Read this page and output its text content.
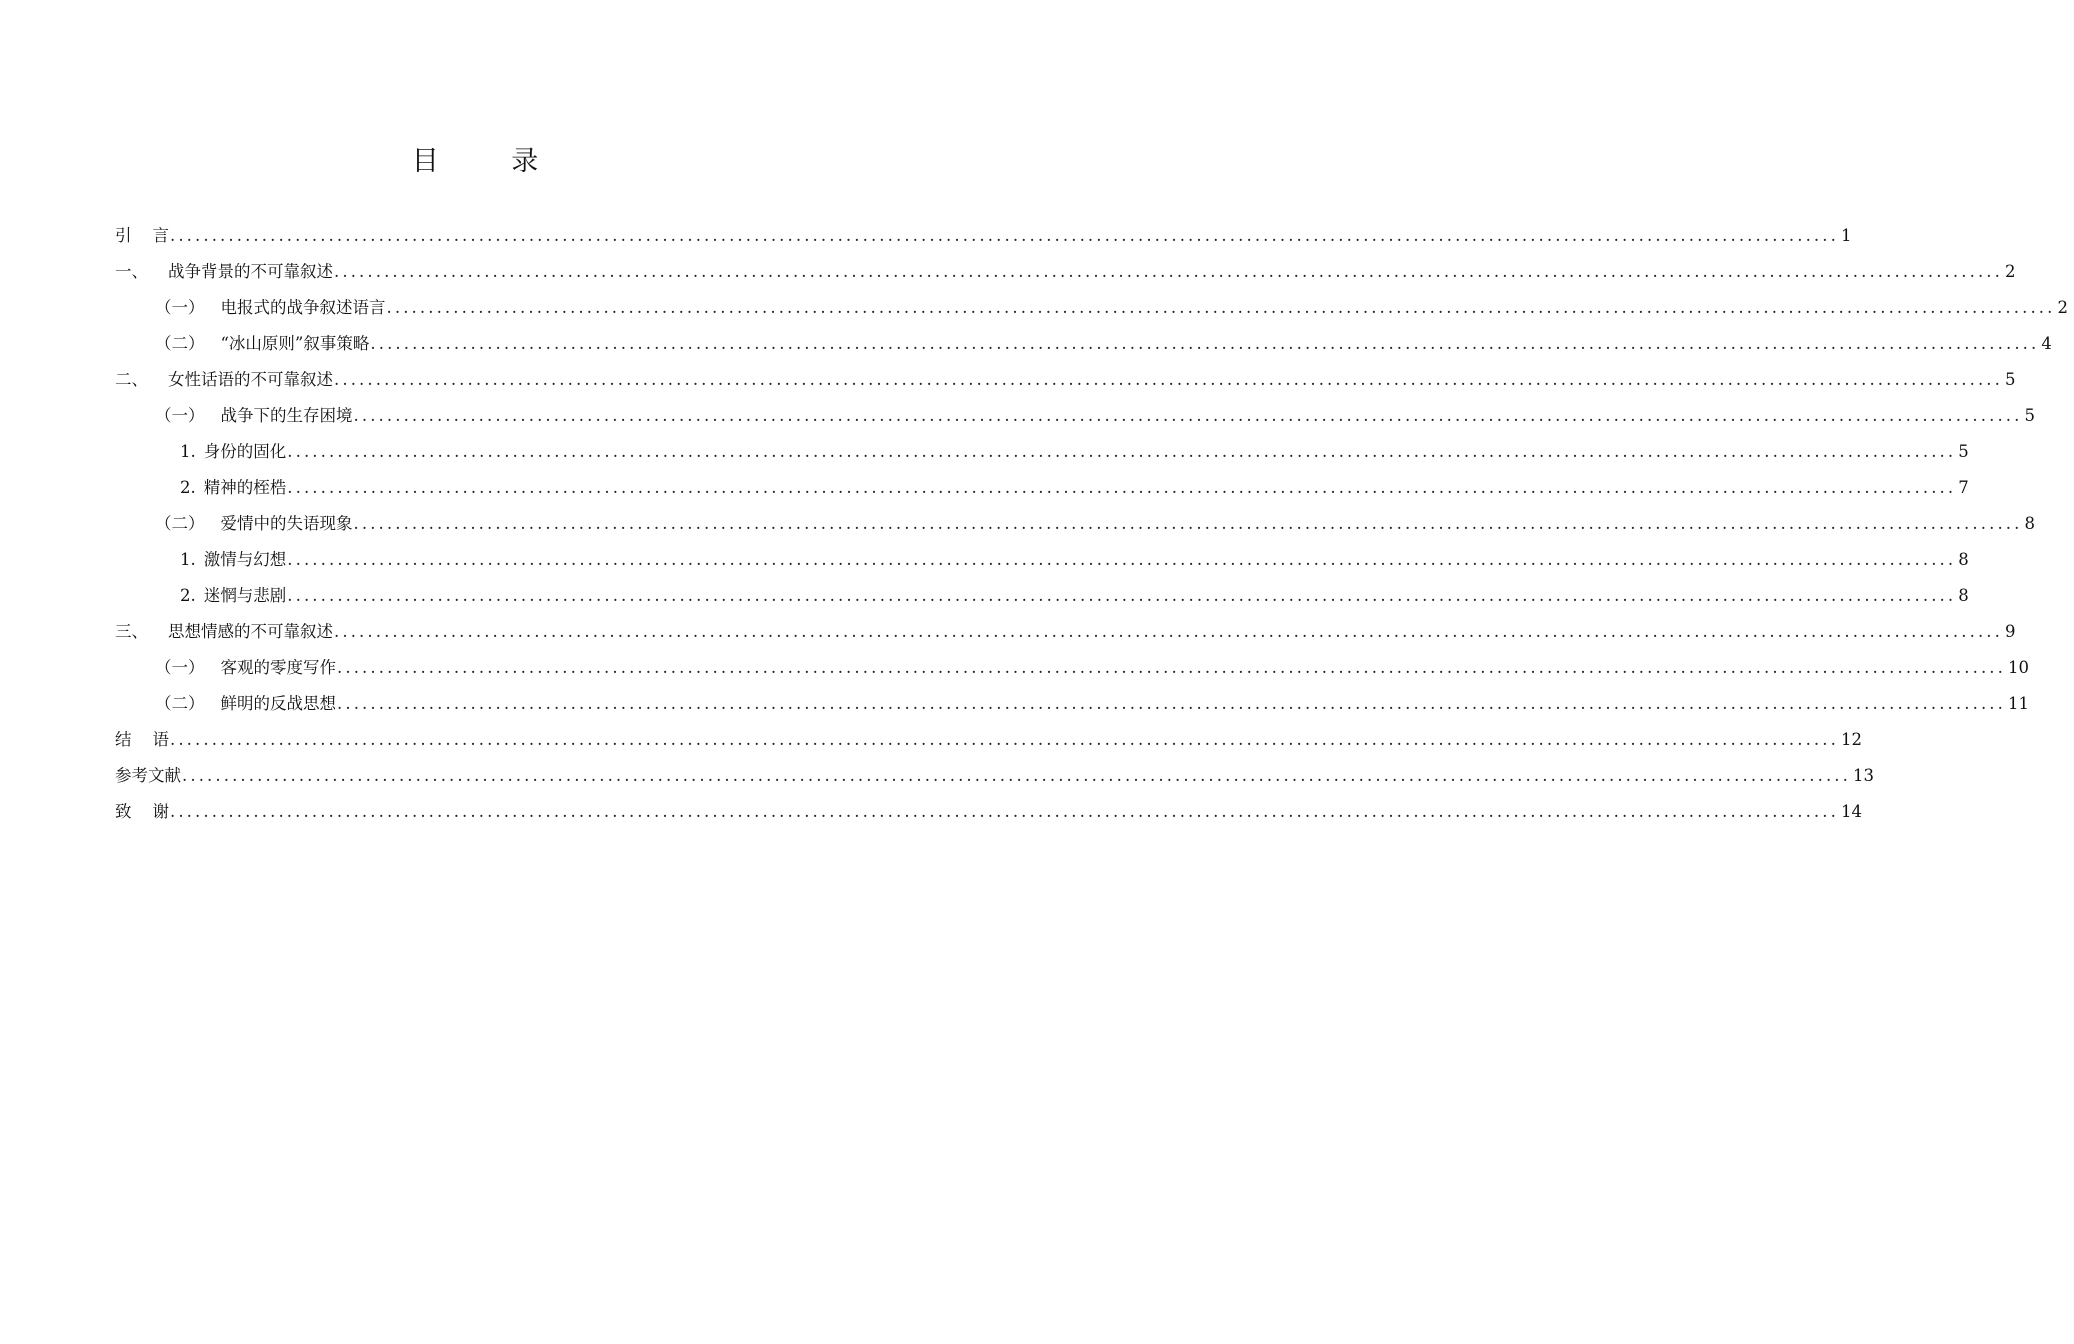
目 录
引    言 ........................................................................................................................................................................................................ 1
一、 战争背景的不可靠叙述 ........................................................................................................................................................................................................ 2
（一） 电报式的战争叙述语言 ........................................................................................................................................................................................................ 2
（二） “冰山原则”叙事策略 ........................................................................................................................................................................................................ 4
二、 女性话语的不可靠叙述 ........................................................................................................................................................................................................ 5
（一） 战争下的生存困境 ........................................................................................................................................................................................................ 5
1. 身份的固化 ........................................................................................................................................................................................................ 5
2. 精神的桎梏 ........................................................................................................................................................................................................ 7
（二） 爱情中的失语现象 ........................................................................................................................................................................................................ 8
1. 激情与幻想 ........................................................................................................................................................................................................ 8
2. 迷惘与悲剧 ........................................................................................................................................................................................................ 8
三、 思想情感的不可靠叙述 ........................................................................................................................................................................................................ 9
（一） 客观的零度写作 ........................................................................................................................................................................................................ 10
（二） 鲜明的反战思想 ........................................................................................................................................................................................................ 11
结    语 ........................................................................................................................................................................................................ 12
参考文献 ........................................................................................................................................................................................................ 13
致    谢 ........................................................................................................................................................................................................ 14
